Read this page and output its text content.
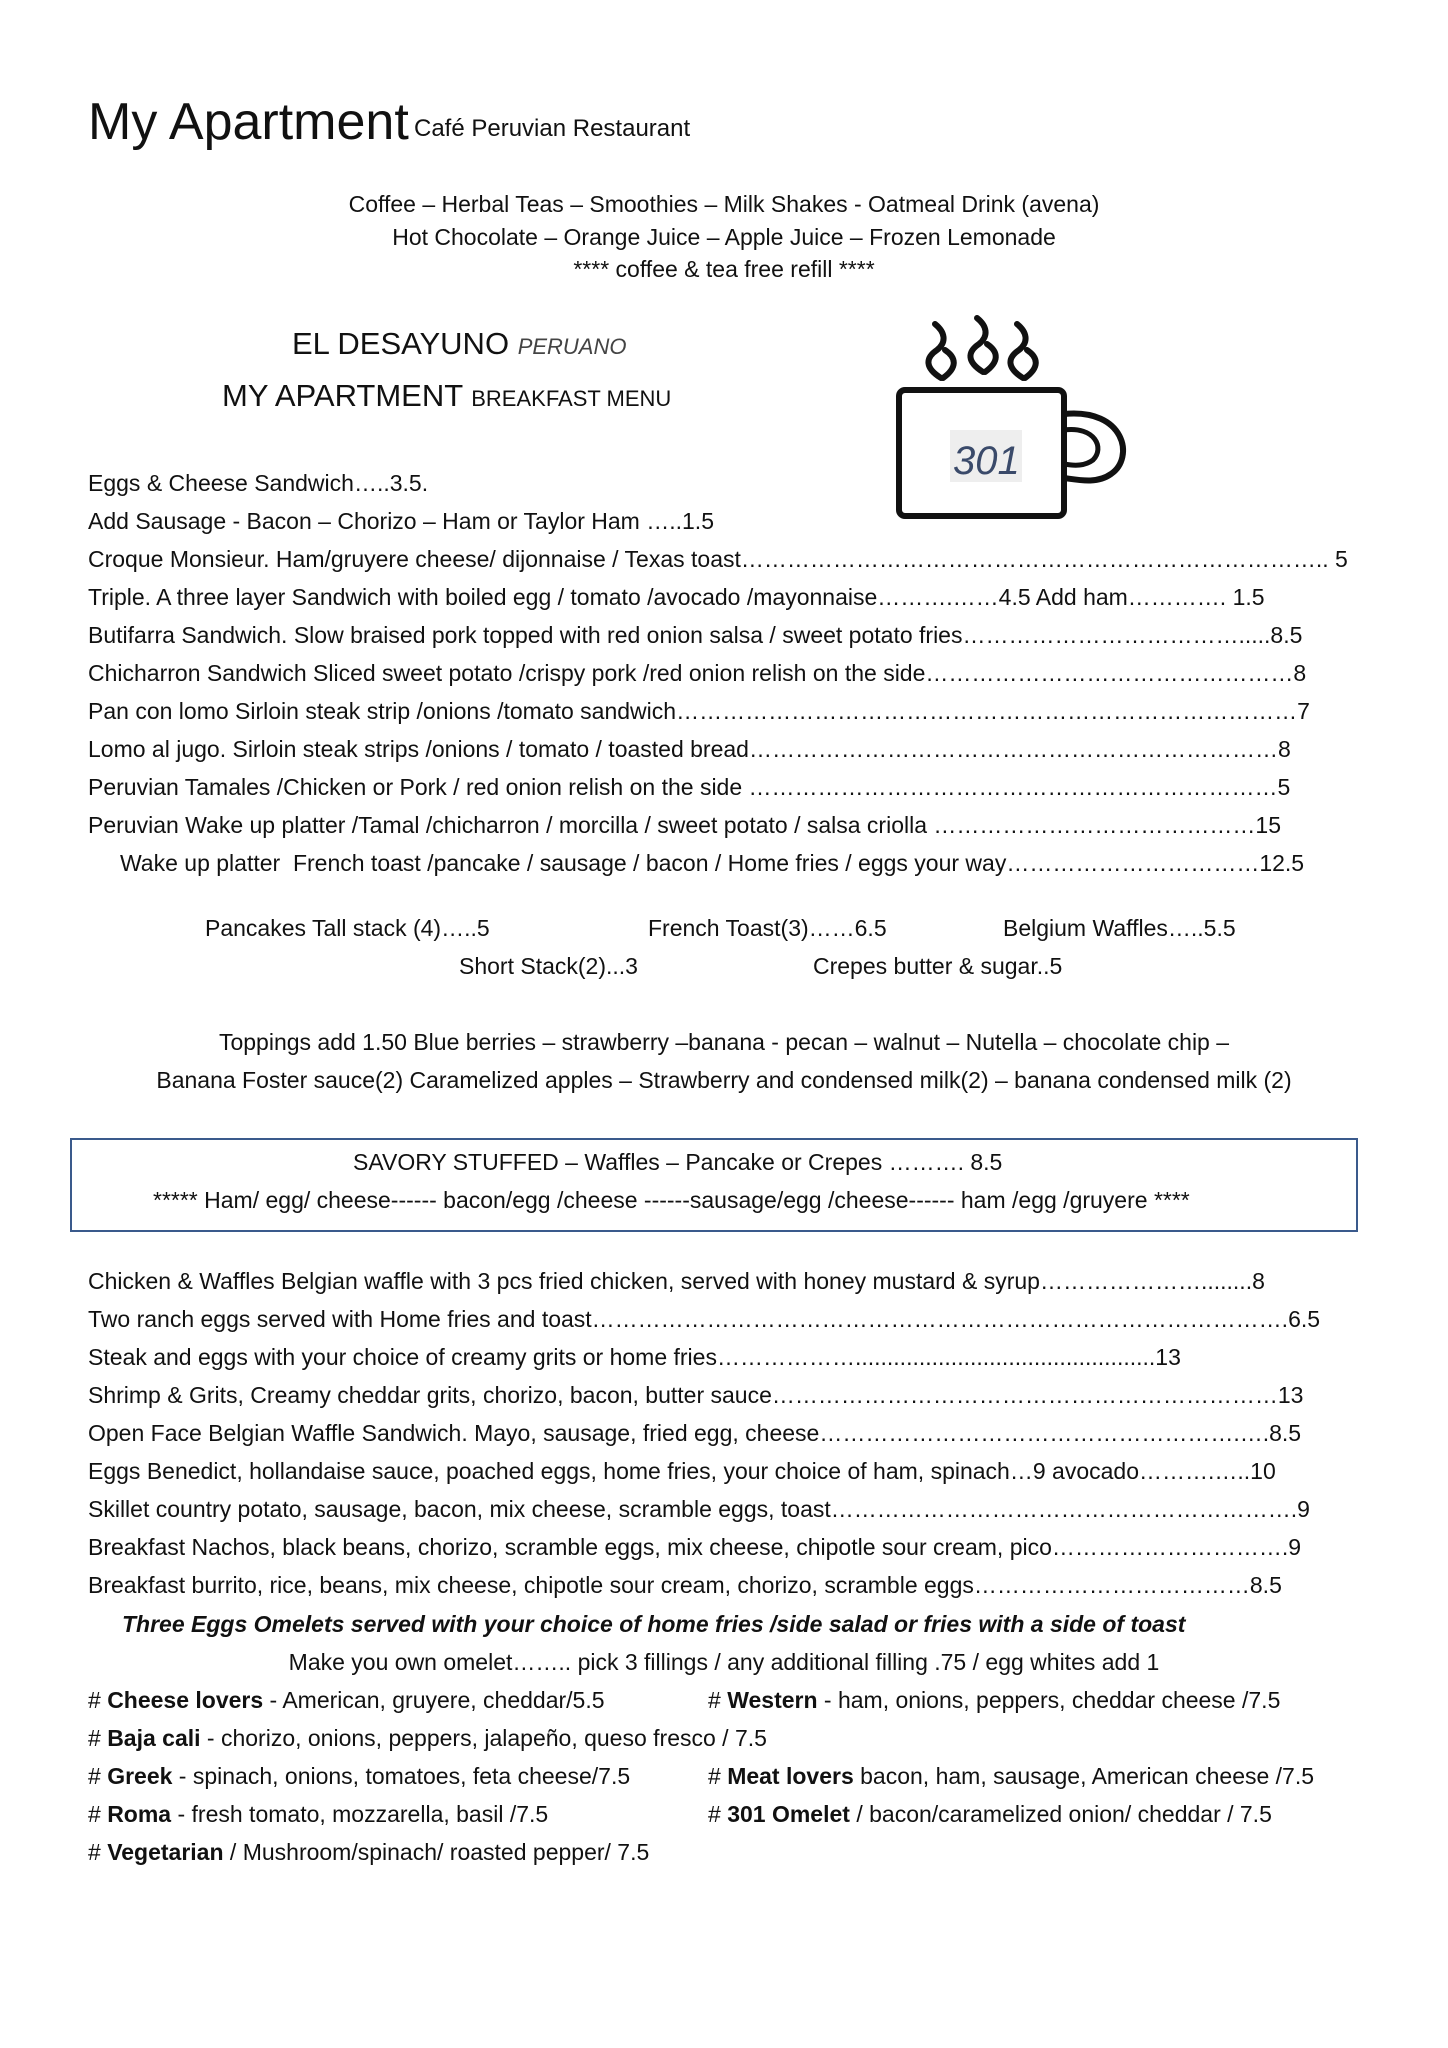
My Apartment Café Peruvian Restaurant
Coffee – Herbal Teas – Smoothies – Milk Shakes - Oatmeal Drink (avena)
Hot Chocolate – Orange Juice – Apple Juice – Frozen Lemonade
**** coffee & tea free refill ****
EL DESAYUNO PERUANO
MY APARTMENT BREAKFAST MENU
301
Eggs & Cheese Sandwich…..3.5.
Add Sausage - Bacon – Chorizo – Ham or Taylor Ham …..1.5
Croque Monsieur. Ham/gruyere cheese/ dijonnaise / Texas toast………………………………………………………………….. 5
Triple. A three layer Sandwich with boiled egg / tomato /avocado /mayonnaise……….……4.5 Add ham…………. 1.5
Butifarra Sandwich. Slow braised pork topped with red onion salsa / sweet potato fries……………………………….....8.5
Chicharron Sandwich Sliced sweet potato /crispy pork /red onion relish on the side…………………………………………8
Pan con lomo Sirloin steak strip /onions /tomato sandwich………………………………………………………………………7
Lomo al jugo. Sirloin steak strips /onions / tomato / toasted bread……………………………………………………………8
Peruvian Tamales /Chicken or Pork / red onion relish on the side ……………………………………………………………5
Peruvian Wake up platter /Tamal /chicharron / morcilla / sweet potato / salsa criolla ……………………………………15
Wake up platter  French toast /pancake / sausage / bacon / Home fries / eggs your way……………………………12.5
Pancakes Tall stack (4)…..5	French Toast(3)……6.5	Belgium Waffles…..5.5
Short Stack(2)...3	Crepes butter & sugar..5
Toppings add 1.50 Blue berries – strawberry –banana - pecan – walnut – Nutella – chocolate chip –
Banana Foster sauce(2) Caramelized apples – Strawberry and condensed milk(2) – banana condensed milk (2)
SAVORY STUFFED – Waffles – Pancake or Crepes ………. 8.5
***** Ham/ egg/ cheese------ bacon/egg /cheese ------sausage/egg /cheese------ ham /egg /gruyere ****
Chicken & Waffles Belgian waffle with 3 pcs fried chicken, served with honey mustard & syrup…………………........8
Two ranch eggs served with Home fries and toast……………………………………………………………………………….6.5
Steak and eggs with your choice of creamy grits or home fries………………...............................................13
Shrimp & Grits, Creamy cheddar grits, chorizo, bacon, butter sauce…………………………………………………………13
Open Face Belgian Waffle Sandwich. Mayo, sausage, fried egg, cheese……………………………………………….….8.5
Eggs Benedict, hollandaise sauce, poached eggs, home fries, your choice of ham, spinach…9 avocado……….…..10
Skillet country potato, sausage, bacon, mix cheese, scramble eggs, toast…………………………………………………….9
Breakfast Nachos, black beans, chorizo, scramble eggs, mix cheese, chipotle sour cream, pico………………………….9
Breakfast burrito, rice, beans, mix cheese, chipotle sour cream, chorizo, scramble eggs………………………………8.5
Three Eggs Omelets served with your choice of home fries /side salad or fries with a side of toast
Make you own omelet…….. pick 3 fillings / any additional filling .75 / egg whites add 1
# Cheese lovers - American, gruyere, cheddar/5.5	# Western - ham, onions, peppers, cheddar cheese /7.5
# Baja cali - chorizo, onions, peppers, jalapeño, queso fresco / 7.5
# Greek - spinach, onions, tomatoes, feta cheese/7.5	# Meat lovers bacon, ham, sausage, American cheese /7.5
# Roma - fresh tomato, mozzarella, basil /7.5	# 301 Omelet / bacon/caramelized onion/ cheddar / 7.5
# Vegetarian / Mushroom/spinach/ roasted pepper/ 7.5
